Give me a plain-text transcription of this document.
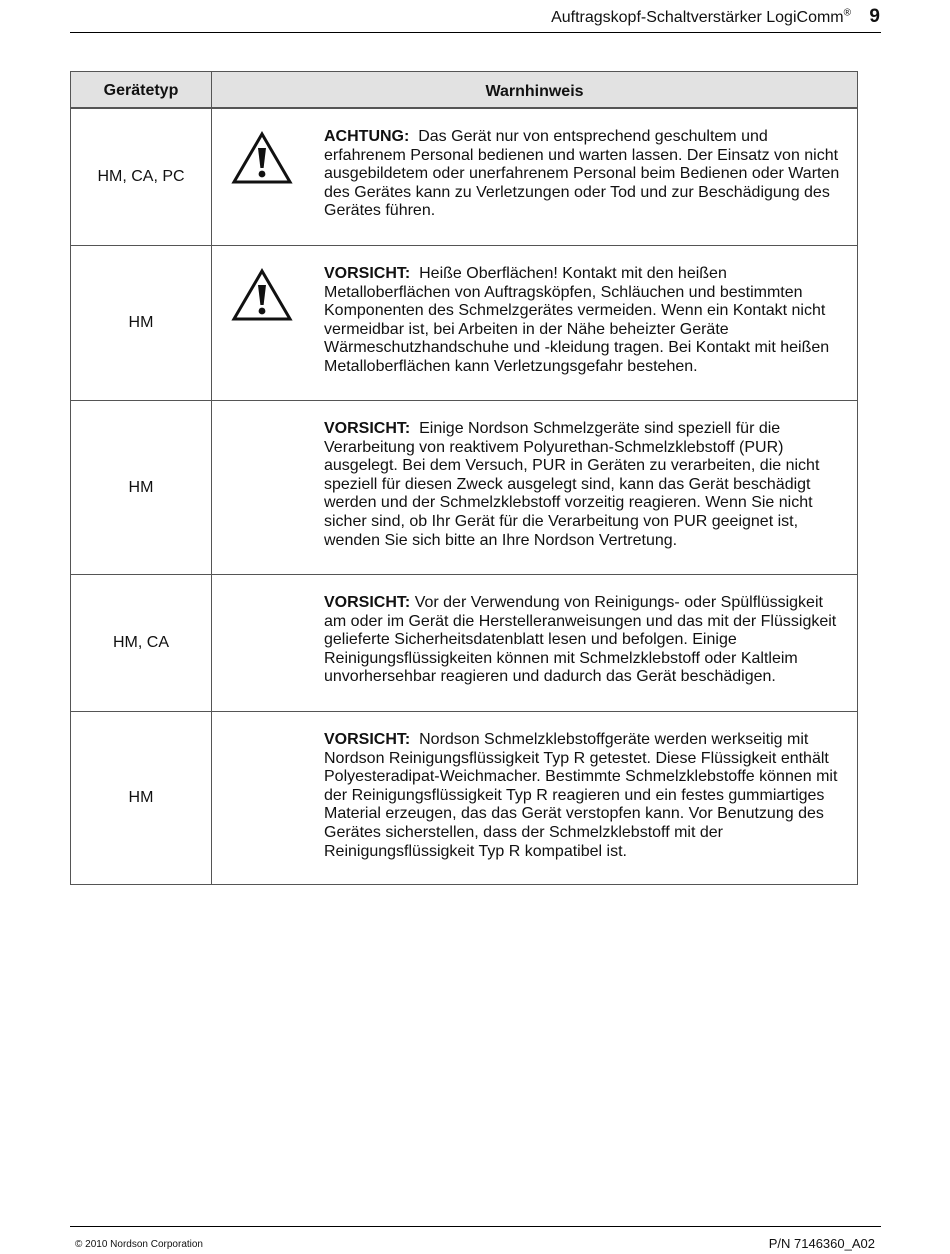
Auftragskopf-Schaltverstärker LogiComm® 9
Gerätetyp	Warnhinweis
HM, CA, PC	ACHTUNG: Das Gerät nur von entsprechend geschultem und erfahrenem Personal bedienen und warten lassen. Der Einsatz von nicht ausgebildetem oder unerfahrenem Personal beim Bedienen oder Warten des Gerätes kann zu Verletzungen oder Tod und zur Beschädigung des Gerätes führen.

HM	VORSICHT: Heiße Oberflächen! Kontakt mit den heißen Metalloberflächen von Auftragsköpfen, Schläuchen und bestimmten Komponenten des Schmelzgerätes vermeiden. Wenn ein Kontakt nicht vermeidbar ist, bei Arbeiten in der Nähe beheizter Geräte Wärmeschutzhandschuhe und -kleidung tragen. Bei Kontakt mit heißen Metalloberflächen kann Verletzungsgefahr bestehen.

HM	VORSICHT: Einige Nordson Schmelzgeräte sind speziell für die Verarbeitung von reaktivem Polyurethan-Schmelzklebstoff (PUR) ausgelegt. Bei dem Versuch, PUR in Geräten zu verarbeiten, die nicht speziell für diesen Zweck ausgelegt sind, kann das Gerät beschädigt werden und der Schmelzklebstoff vorzeitig reagieren. Wenn Sie nicht sicher sind, ob Ihr Gerät für die Verarbeitung von PUR geeignet ist, wenden Sie sich bitte an Ihre Nordson Vertretung.

HM, CA	VORSICHT: Vor der Verwendung von Reinigungs- oder Spülflüssigkeit am oder im Gerät die Herstelleranweisungen und das mit der Flüssigkeit gelieferte Sicherheitsdatenblatt lesen und befolgen. Einige Reinigungsflüssigkeiten können mit Schmelzklebstoff oder Kaltleim unvorhersehbar reagieren und dadurch das Gerät beschädigen.

HM	VORSICHT: Nordson Schmelzklebstoffgeräte werden werkseitig mit Nordson Reinigungsflüssigkeit Typ R getestet. Diese Flüssigkeit enthält Polyesteradipat-Weichmacher. Bestimmte Schmelzklebstoffe können mit der Reinigungsflüssigkeit Typ R reagieren und ein festes gummiartiges Material erzeugen, das das Gerät verstopfen kann. Vor Benutzung des Gerätes sicherstellen, dass der Schmelzklebstoff mit der Reinigungsflüssigkeit Typ R kompatibel ist.

© 2010 Nordson Corporation	P/N 7146360_A02
